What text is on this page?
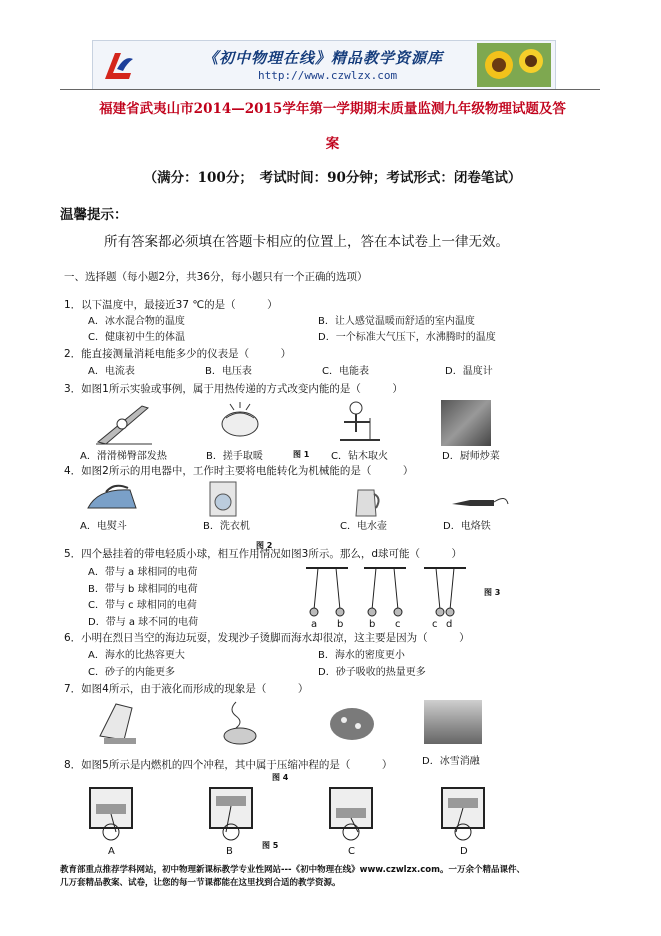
《初中物理在线》精品教学资源库
http://www.czwlzx.com
福建省武夷山市2014—2015学年第一学期期末质量监测九年级物理试题及答
案
（满分：100分；　考试时间：90分钟；考试形式：闭卷笔试）
温馨提示：
所有答案都必须填在答题卡相应的位置上，答在本试卷上一律无效。
一、选择题（每小题2分，共36分，每小题只有一个正确的选项）
1．以下温度中，最接近37 ℃的是（　　　）
A．冰水混合物的温度	B．让人感觉温暖而舒适的室内温度
C．健康初中生的体温	D．一个标准大气压下，水沸腾时的温度
2．能直接测量消耗电能多少的仪表是（　　　）
A．电流表	B．电压表	C．电能表	D．温度计
3．如图1所示实验或事例，属于用热传递的方式改变内能的是（　　　）
A．滑滑梯臀部发热	B．搓手取暖	图 1 C．钻木取火	D．厨师炒菜
4．如图2所示的用电器中，工作时主要将电能转化为机械能的是（　　　）
A．电熨斗	B．洗衣机	C．电水壶	D．电烙铁
图 2
5．四个悬挂着的带电轻质小球，相互作用情况如图3所示。那么，d球可能（　　　）
A．带与 a 球相同的电荷
B．带与 b 球相同的电荷
C．带与 c 球相同的电荷
D．带与 a 球不同的电荷	a b	b c	c d
图 3
6．小明在烈日当空的海边玩耍，发现沙子烫脚而海水却很凉，这主要是因为（　　　）
A．海水的比热容更大	B．海水的密度更小
C．砂子的内能更多	D．砂子吸收的热量更多
7．如图4所示，由于液化而形成的现象是（　　　）
D．冰雪消融
图 4
8．如图5所示是内燃机的四个冲程，其中属于压缩冲程的是（　　　）
A
图 5
B	C	D
教育部重点推荐学科网站，初中物理新课标教学专业性网站---《初中物理在线》www.czwlzx.com。一万余个精品课件、
几万套精品教案、试卷，让您的每一节课都能在这里找到合适的教学资源。
